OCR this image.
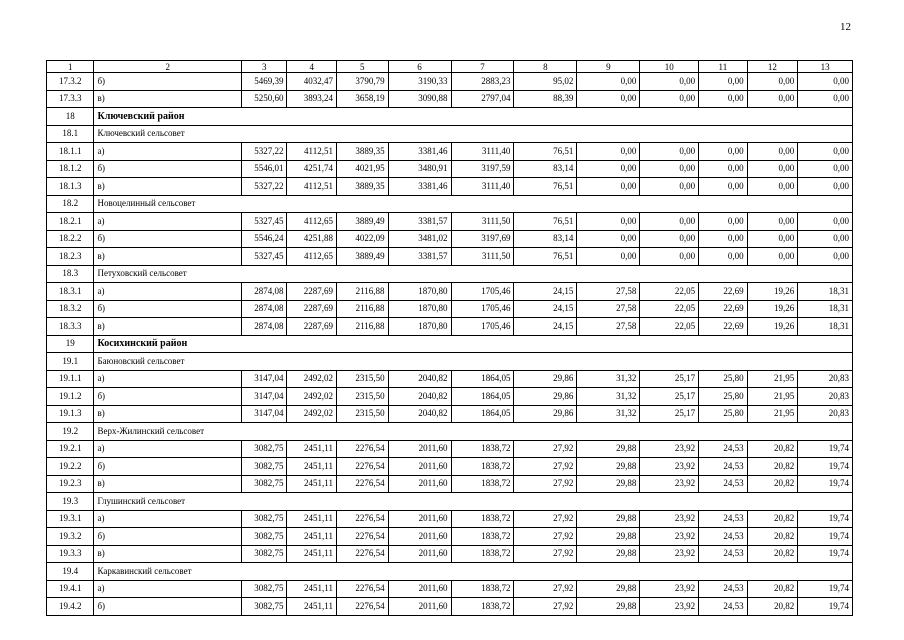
12
1	2	3	4	5	6	7	8	9	10	11	12	13
17.3.2	б)	5469,39	4032,47	3790,79	3190,33	2883,23	95,02	0,00	0,00	0,00	0,00	0,00
17.3.3	в)	5250,60	3893,24	3658,19	3090,88	2797,04	88,39	0,00	0,00	0,00	0,00	0,00
18	Ключевский район											
18.1	Ключевский сельсовет											
18.1.1	а)	5327,22	4112,51	3889,35	3381,46	3111,40	76,51	0,00	0,00	0,00	0,00	0,00
18.1.2	б)	5546,01	4251,74	4021,95	3480,91	3197,59	83,14	0,00	0,00	0,00	0,00	0,00
18.1.3	в)	5327,22	4112,51	3889,35	3381,46	3111,40	76,51	0,00	0,00	0,00	0,00	0,00
18.2	Новоцелинный сельсовет											
18.2.1	а)	5327,45	4112,65	3889,49	3381,57	3111,50	76,51	0,00	0,00	0,00	0,00	0,00
18.2.2	б)	5546,24	4251,88	4022,09	3481,02	3197,69	83,14	0,00	0,00	0,00	0,00	0,00
18.2.3	в)	5327,45	4112,65	3889,49	3381,57	3111,50	76,51	0,00	0,00	0,00	0,00	0,00
18.3	Петуховский сельсовет											
18.3.1	а)	2874,08	2287,69	2116,88	1870,80	1705,46	24,15	27,58	22,05	22,69	19,26	18,31
18.3.2	б)	2874,08	2287,69	2116,88	1870,80	1705,46	24,15	27,58	22,05	22,69	19,26	18,31
18.3.3	в)	2874,08	2287,69	2116,88	1870,80	1705,46	24,15	27,58	22,05	22,69	19,26	18,31
19	Косихинский район											
19.1	Баюновский сельсовет											
19.1.1	а)	3147,04	2492,02	2315,50	2040,82	1864,05	29,86	31,32	25,17	25,80	21,95	20,83
19.1.2	б)	3147,04	2492,02	2315,50	2040,82	1864,05	29,86	31,32	25,17	25,80	21,95	20,83
19.1.3	в)	3147,04	2492,02	2315,50	2040,82	1864,05	29,86	31,32	25,17	25,80	21,95	20,83
19.2	Верх-Жилинский сельсовет											
19.2.1	а)	3082,75	2451,11	2276,54	2011,60	1838,72	27,92	29,88	23,92	24,53	20,82	19,74
19.2.2	б)	3082,75	2451,11	2276,54	2011,60	1838,72	27,92	29,88	23,92	24,53	20,82	19,74
19.2.3	в)	3082,75	2451,11	2276,54	2011,60	1838,72	27,92	29,88	23,92	24,53	20,82	19,74
19.3	Глушинский сельсовет											
19.3.1	а)	3082,75	2451,11	2276,54	2011,60	1838,72	27,92	29,88	23,92	24,53	20,82	19,74
19.3.2	б)	3082,75	2451,11	2276,54	2011,60	1838,72	27,92	29,88	23,92	24,53	20,82	19,74
19.3.3	в)	3082,75	2451,11	2276,54	2011,60	1838,72	27,92	29,88	23,92	24,53	20,82	19,74
19.4	Каркавинский сельсовет											
19.4.1	а)	3082,75	2451,11	2276,54	2011,60	1838,72	27,92	29,88	23,92	24,53	20,82	19,74
19.4.2	б)	3082,75	2451,11	2276,54	2011,60	1838,72	27,92	29,88	23,92	24,53	20,82	19,74
